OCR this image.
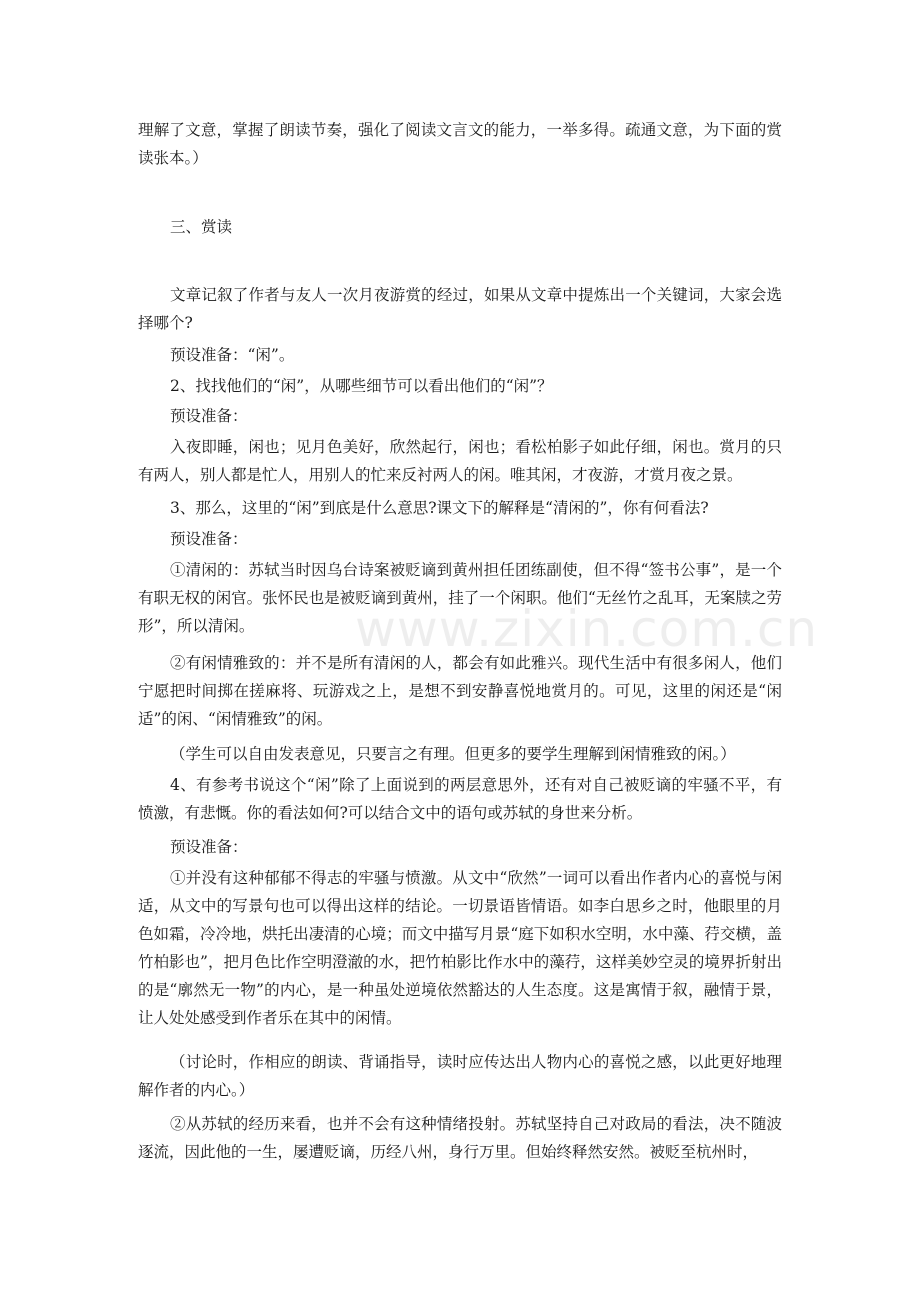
www.zixin.com.cn

理解了文意，掌握了朗读节奏，强化了阅读文言文的能力，一举多得。疏通文意，为下面的赏读张本。）

三、赏读

文章记叙了作者与友人一次月夜游赏的经过，如果从文章中提炼出一个关键词，大家会选择哪个?

预设准备：“闲”。

2、找找他们的“闲”，从哪些细节可以看出他们的“闲”？

预设准备：

入夜即睡，闲也；见月色美好，欣然起行，闲也；看松柏影子如此仔细，闲也。赏月的只有两人，别人都是忙人，用别人的忙来反衬两人的闲。唯其闲，才夜游，才赏月夜之景。

3、那么，这里的“闲”到底是什么意思?课文下的解释是“清闲的”，你有何看法?

预设准备：

①清闲的：苏轼当时因乌台诗案被贬谪到黄州担任团练副使，但不得“签书公事”，是一个有职无权的闲官。张怀民也是被贬谪到黄州，挂了一个闲职。他们“无丝竹之乱耳，无案牍之劳形”，所以清闲。

②有闲情雅致的：并不是所有清闲的人，都会有如此雅兴。现代生活中有很多闲人，他们宁愿把时间掷在搓麻将、玩游戏之上，是想不到安静喜悦地赏月的。可见，这里的闲还是“闲适”的闲、“闲情雅致”的闲。

（学生可以自由发表意见，只要言之有理。但更多的要学生理解到闲情雅致的闲。）

4、有参考书说这个“闲”除了上面说到的两层意思外，还有对自己被贬谪的牢骚不平，有愤激，有悲慨。你的看法如何?可以结合文中的语句或苏轼的身世来分析。

预设准备：

①并没有这种郁郁不得志的牢骚与愤激。从文中“欣然”一词可以看出作者内心的喜悦与闲适，从文中的写景句也可以得出这样的结论。一切景语皆情语。如李白思乡之时，他眼里的月色如霜，冷冷地，烘托出凄清的心境；而文中描写月景“庭下如积水空明，水中藻、荇交横，盖竹柏影也”，把月色比作空明澄澈的水，把竹柏影比作水中的藻荇，这样美妙空灵的境界折射出的是“廓然无一物”的内心，是一种虽处逆境依然豁达的人生态度。这是寓情于叙，融情于景，让人处处感受到作者乐在其中的闲情。

（讨论时，作相应的朗读、背诵指导，读时应传达出人物内心的喜悦之感，以此更好地理解作者的内心。）

②从苏轼的经历来看，也并不会有这种情绪投射。苏轼坚持自己对政局的看法，决不随波逐流，因此他的一生，屡遭贬谪，历经八州，身行万里。但始终释然安然。被贬至杭州时，
